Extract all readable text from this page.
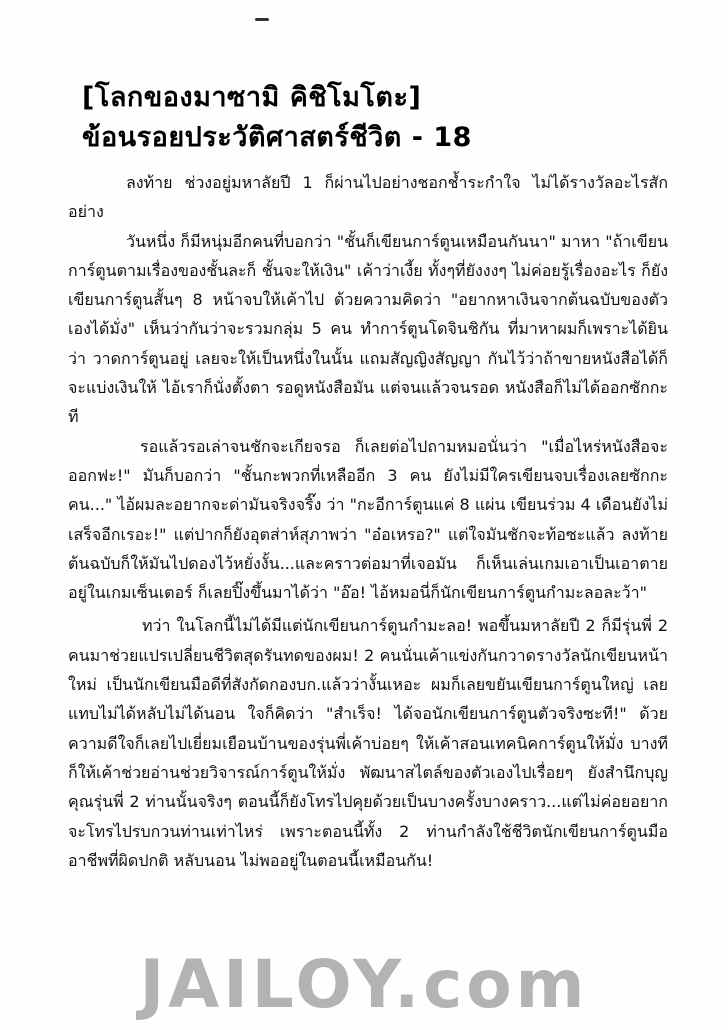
[โลกของมาซามิ คิชิโมโตะ]
ข้อนรอยประวัติศาสตร์ชีวิต - 18

ลงท้าย ช่วงอยู่มหาลัยปี 1 ก็ผ่านไปอย่างชอกช้ำระกำใจ ไม่ได้รางวัลอะไรสักอย่าง

วันหนึ่ง ก็มีหนุ่มอีกคนที่บอกว่า "ชั้นก็เขียนการ์ตูนเหมือนกันนา" มาหา "ถ้าเขียนการ์ตูนตามเรื่องของชั้นละก็ ชั้นจะให้เงิน" เค้าว่าเงี้ย ทั้งๆที่ยังงงๆ ไม่ค่อยรู้เรื่องอะไร ก็ยังเขียนการ์ตูนสั้นๆ 8 หน้าจบให้เค้าไป ด้วยความคิดว่า "อยากหาเงินจากต้นฉบับของตัวเองได้มั่ง" เห็นว่ากันว่าจะรวมกลุ่ม 5 คน ทำการ์ตูนโดจินชิกัน ที่มาหาผมก็เพราะได้ยินว่า วาดการ์ตูนอยู่ เลยจะให้เป็นหนึ่งในนั้น แถมสัญญิงสัญญา กันไว้ว่าถ้าขายหนังสือได้ก็จะแบ่งเงินให้ ไอ้เราก็นั่งตั้งตา รอดูหนังสือมัน แต่จนแล้วจนรอด หนังสือก็ไม่ได้ออกซักกะที

รอแล้วรอเล่าจนชักจะเกียจรอ ก็เลยต่อไปถามหมอนั่นว่า "เมื่อไหร่หนังสือจะออกฟะ!" มันก็บอกว่า "ชั้นกะพวกที่เหลืออีก 3 คน ยังไม่มีใครเขียนจบเรื่องเลยซักกะคน..." ไอ้ผมละอยากจะด่ามันจริงจริ๊ง ว่า "กะอีการ์ตูนแค่ 8 แผ่น เขียนร่วม 4 เดือนยังไม่เสร็จอีกเรอะ!" แต่ปากก็ยังอุตส่าห์สุภาพว่า "อ๋อเหรอ?" แต่ใจมันชักจะท้อซะแล้ว ลงท้าย ต้นฉบับก็ให้มันไปดองไว้หยั่งงั้น...และคราวต่อมาที่เจอมัน ก็เห็นเล่นเกมเอาเป็นเอาตายอยู่ในเกมเซ็นเตอร์ ก็เลยปิ๊งขึ้นมาได้ว่า "อ๊อ! ไอ้หมอนี่ก็นักเขียนการ์ตูนกำมะลอละว้า"

ทว่า ในโลกนี้ไม่ได้มีแต่นักเขียนการ์ตูนกำมะลอ! พอขึ้นมหาลัยปี 2 ก็มีรุ่นพี่ 2 คนมาช่วยแปรเปลี่ยนชีวิตสุดรันทดของผม! 2 คนนั่นเค้าแข่งกันกวาดรางวัลนักเขียนหน้าใหม่ เป็นนักเขียนมือดีที่สังกัดกองบก.แล้วว่างั้นเหอะ ผมก็เลยขยันเขียนการ์ตูนใหญ่ เลยแทบไม่ได้หลับไม่ได้นอน ใจก็คิดว่า "สำเร็จ! ได้จอนักเขียนการ์ตูนตัวจริงซะที!" ด้วยความดีใจก็เลยไปเยี่ยมเยือนบ้านของรุ่นพี่เค้าบ่อยๆ ให้เค้าสอนเทคนิคการ์ตูนให้มั่ง บางทีก็ให้เค้าช่วยอ่านช่วยวิจารณ์การ์ตูนให้มั่ง พัฒนาสไตล์ของตัวเองไปเรื่อยๆ ยังสำนึกบุญคุณรุ่นพี่ 2 ท่านนั้นจริงๆ ตอนนี้ก็ยังโทรไปคุยด้วยเป็นบางครั้งบางคราว...แต่ไม่ค่อยอยากจะโทรไปรบกวนท่านเท่าไหร่ เพราะตอนนี้ทั้ง 2 ท่านกำลังใช้ชีวิตนักเขียนการ์ตูนมืออาชีพที่ผิดปกติ หลับนอน ไม่พออยู่ในตอนนี้เหมือนกัน!

JAILOY.com
